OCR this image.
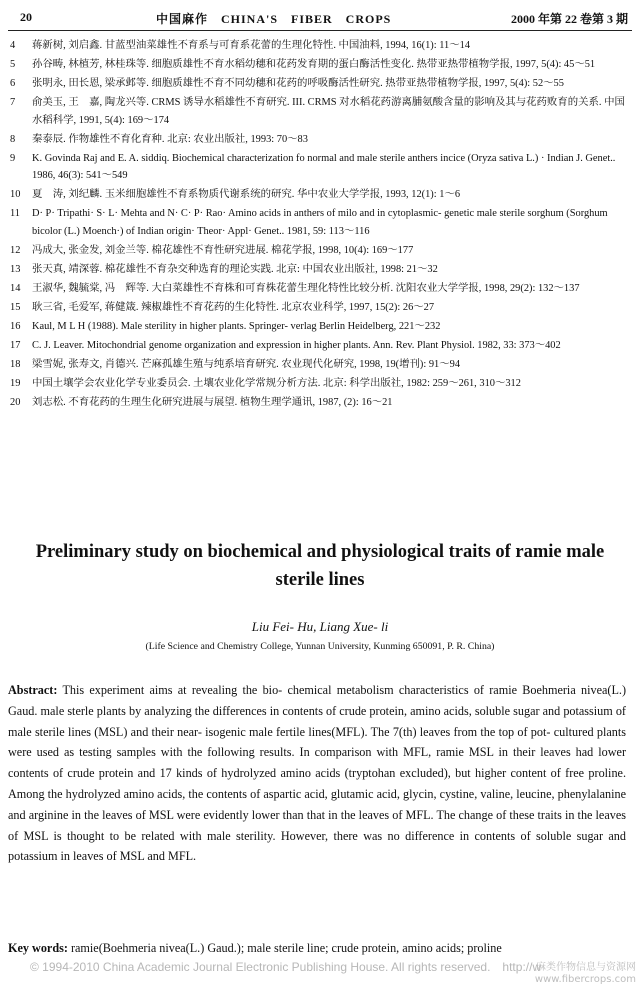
20	中国麻作　CHINA'S　FIBER　CROPS	2000 年第 22 卷第 3 期
4	蒋新树, 刘启鑫. 甘蓝型油菜雄性不育系与可育系花蕾的生理化特性. 中国油料, 1994, 16(1): 11～14
5	孙谷畴, 林植芳, 林桂珠等. 细胞质雄性不育水稻幼穗和花药发育期的蛋白酶活性变化. 热带亚热带植物学报, 1997, 5(4): 45～51
6	张明永, 田长恩, 梁承邺等. 细胞质雄性不育不同幼穗和花药的呼吸酶活性研究. 热带亚热带植物学报, 1997, 5(4): 52～55
7	俞美玉, 王　嘉, 陶龙兴等. CRMS 诱导水稻雄性不育研究. III. CRMS 对水稻花药游离脯氨酸含量的影响及其与花药败育的关系. 中国水稻科学, 1991, 5(4): 169～174
8	秦泰辰. 作物雄性不育化育种. 北京: 农业出版社, 1993: 70～83
9	K. Govinda Raj and E. A. siddiq. Biochemical characterization fo normal and male sterile anthers incice (Oryza sativa L.) · Indian J. Genet.. 1986, 46(3): 541～549
10	夏　涛, 刘纪麟. 玉米细胞雄性不育系物质代谢系统的研究. 华中农业大学学报, 1993, 12(1): 1～6
11	D· P· Tripathi· S· L· Mehta and N· C· P· Rao· Amino acids in anthers of milo and in cytoplasmic- genetic male sterile sorghum (Sorghum bicolor (L.) Moench·) of Indian origin· Theor· Appl· Genet.. 1981, 59: 113～116
12	冯成大, 张金发, 刘金兰等. 棉花雄性不育性研究进展. 棉花学报, 1998, 10(4): 169～177
13	张天真, 靖深蓉. 棉花雄性不育杂交种选育的理论实践. 北京: 中国农业出版社, 1998: 21～32
14	王淑华, 魏毓棠, 冯　辉等. 大白菜雄性不育株和可育株花蕾生理化特性比较分析. 沈阳农业大学学报, 1998, 29(2): 132～137
15	耿三省, 毛爱军, 蒋健箴. 辣椒雄性不育花药的生化特性. 北京农业科学, 1997, 15(2): 26～27
16	Kaul, M L H (1988). Male sterility in higher plants. Springer- verlag Berlin Heidelberg, 221～232
17	C. J. Leaver. Mitochondrial genome organization and expression in higher plants. Ann. Rev. Plant Physiol. 1982, 33: 373～402
18	梁雪妮, 张寿文, 肖德兴. 芒麻孤雄生殖与纯系培育研究. 农业现代化研究, 1998, 19(增刊): 91～94
19	中国土壤学会农业化学专业委员会. 土壤农业化学常规分析方法. 北京: 科学出版社, 1982: 259～261, 310～312
20	刘志松. 不育花药的生理生化研究进展与展望. 植物生理学通讯, 1987, (2): 16～21
Preliminary study on biochemical and physiological traits of ramie male sterile lines
Liu Fei- Hu, Liang Xue- li
(Life Science and Chemistry College, Yunnan University, Kunming 650091, P. R. China)
Abstract: This experiment aims at revealing the bio- chemical metabolism characteristics of ramie Boehmeria nivea(L.) Gaud. male sterle plants by analyzing the differences in contents of crude protein, amino acids, soluble sugar and potassium of male sterile lines (MSL) and their near- isogenic male fertile lines(MFL). The 7(th) leaves from the top of pot- cultured plants were used as testing samples with the following results. In comparison with MFL, ramie MSL in their leaves had lower contents of crude protein and 17 kinds of hydrolyzed amino acids (tryptohan excluded), but higher content of free proline. Among the hydrolyzed amino acids, the contents of aspartic acid, glutamic acid, glycin, cystine, valine, leucine, phenylalanine and arginine in the leaves of MSL were evidently lower than that in the leaves of MFL. The change of these traits in the leaves of MSL is thought to be related with male sterility. However, there was no difference in contents of soluble sugar and potassium in leaves of MSL and MFL.
Key words: ramie(Boehmeria nivea(L.) Gaud.); male sterile line; crude protein, amino acids; proline
© 1994-2010 China Academic Journal Electronic Publishing House. All rights reserved.　http://w
麻类作物信息与资源网
www.fibercrops.com
